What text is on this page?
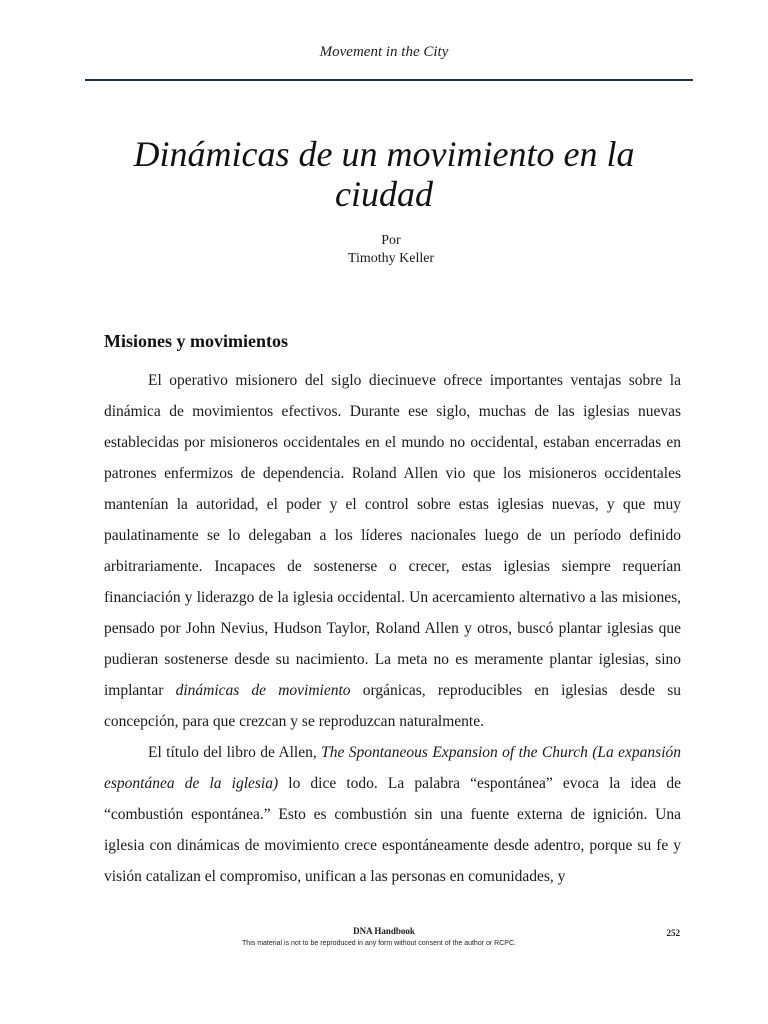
Movement in the City
Dinámicas de un movimiento en la ciudad
Por
Timothy Keller
Misiones y movimientos

El operativo misionero del siglo diecinueve ofrece importantes ventajas sobre la dinámica de movimientos efectivos. Durante ese siglo, muchas de las iglesias nuevas establecidas por misioneros occidentales en el mundo no occidental, estaban encerradas en patrones enfermizos de dependencia. Roland Allen vio que los misioneros occidentales mantenían la autoridad, el poder y el control sobre estas iglesias nuevas, y que muy paulatinamente se lo delegaban a los líderes nacionales luego de un período definido arbitrariamente. Incapaces de sostenerse o crecer, estas iglesias siempre requerían financiación y liderazgo de la iglesia occidental. Un acercamiento alternativo a las misiones, pensado por John Nevius, Hudson Taylor, Roland Allen y otros, buscó plantar iglesias que pudieran sostenerse desde su nacimiento. La meta no es meramente plantar iglesias, sino implantar dinámicas de movimiento orgánicas, reproducibles en iglesias desde su concepción, para que crezcan y se reproduzcan naturalmente.

El título del libro de Allen, The Spontaneous Expansion of the Church (La expansión espontánea de la iglesia) lo dice todo. La palabra “espontánea” evoca la idea de “combustión espontánea.” Esto es combustión sin una fuente externa de ignición. Una iglesia con dinámicas de movimiento crece espontáneamente desde adentro, porque su fe y visión catalizan el compromiso, unifican a las personas en comunidades, y

DNA Handbook	252
This material is not to be reproduced in any form without consent of the author or RCPC.
